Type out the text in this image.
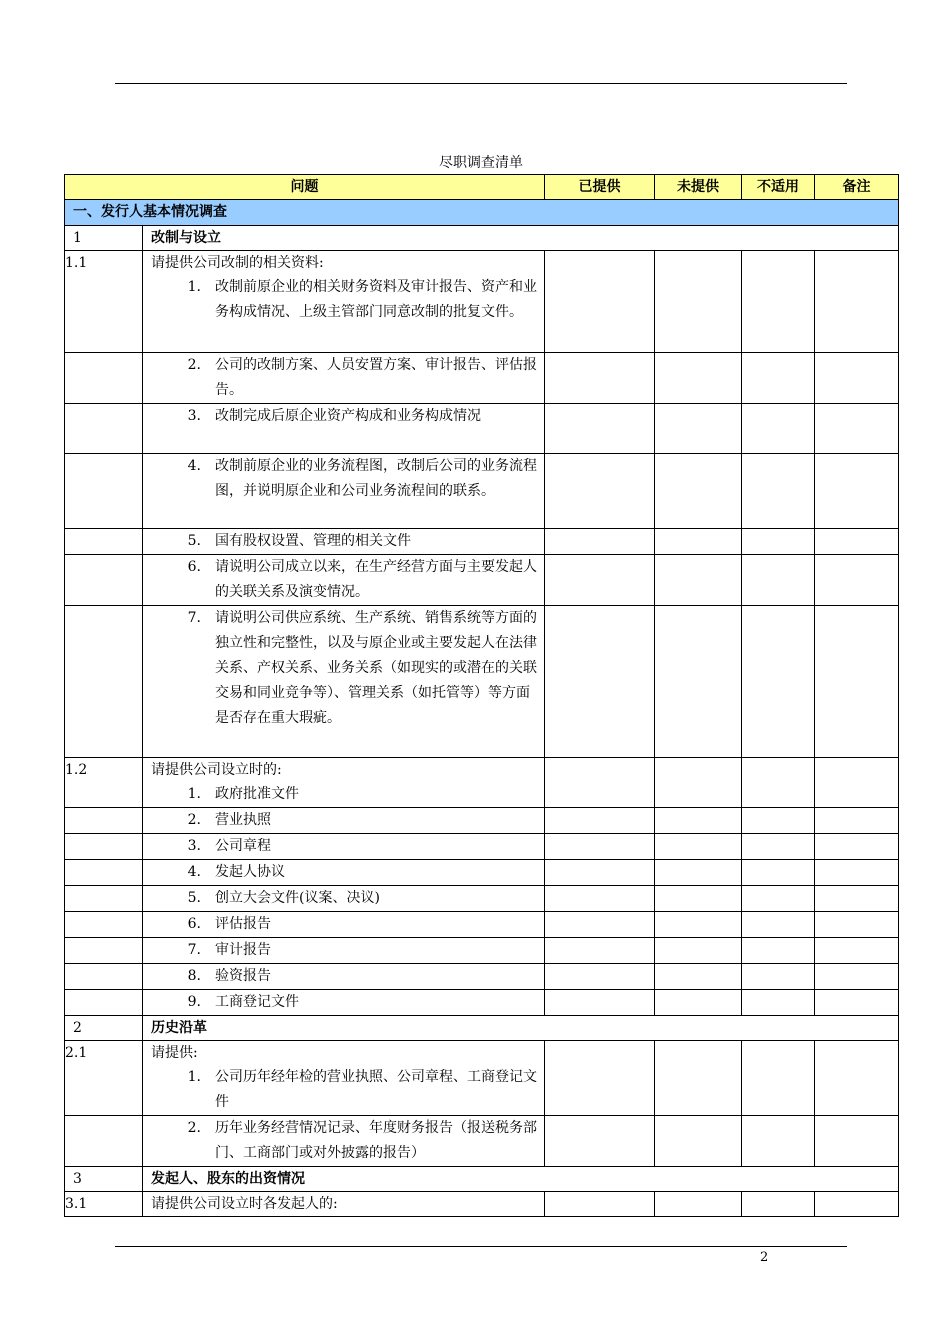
尽职调查清单
问题		已提供	未提供	不适用	备注
一、发行人基本情况调查					
1	改制与设立				
1.1	请提供公司改制的相关资料:
1. 改制前原企业的相关财务资料及审计报告、资产和业务构成情况、上级主管部门同意改制的批复文件。				

	2. 公司的改制方案、人员安置方案、审计报告、评估报告。				

	3. 改制完成后原企业资产构成和业务构成情况				

	4. 改制前原企业的业务流程图，改制后公司的业务流程图，并说明原企业和公司业务流程间的联系。				

	5. 国有股权设置、管理的相关文件				

	6. 请说明公司成立以来，在生产经营方面与主要发起人的关联关系及演变情况。				

	7. 请说明公司供应系统、生产系统、销售系统等方面的独立性和完整性，以及与原企业或主要发起人在法律关系、产权关系、业务关系（如现实的或潜在的关联交易和同业竞争等）、管理关系（如托管等）等方面是否存在重大瑕疵。				

1.2	请提供公司设立时的:
1. 政府批准文件				

	2. 营业执照				

	3. 公司章程				

	4. 发起人协议				

	5. 创立大会文件(议案、决议)				

	6. 评估报告				

	7. 审计报告				

	8. 验资报告				

	9. 工商登记文件				

2	历史沿革				
2.1	请提供:
1. 公司历年经年检的营业执照、公司章程、工商登记文件				

	2. 历年业务经营情况记录、年度财务报告（报送税务部门、工商部门或对外披露的报告）				

3	发起人、股东的出资情况				
3.1	请提供公司设立时各发起人的:				

2
